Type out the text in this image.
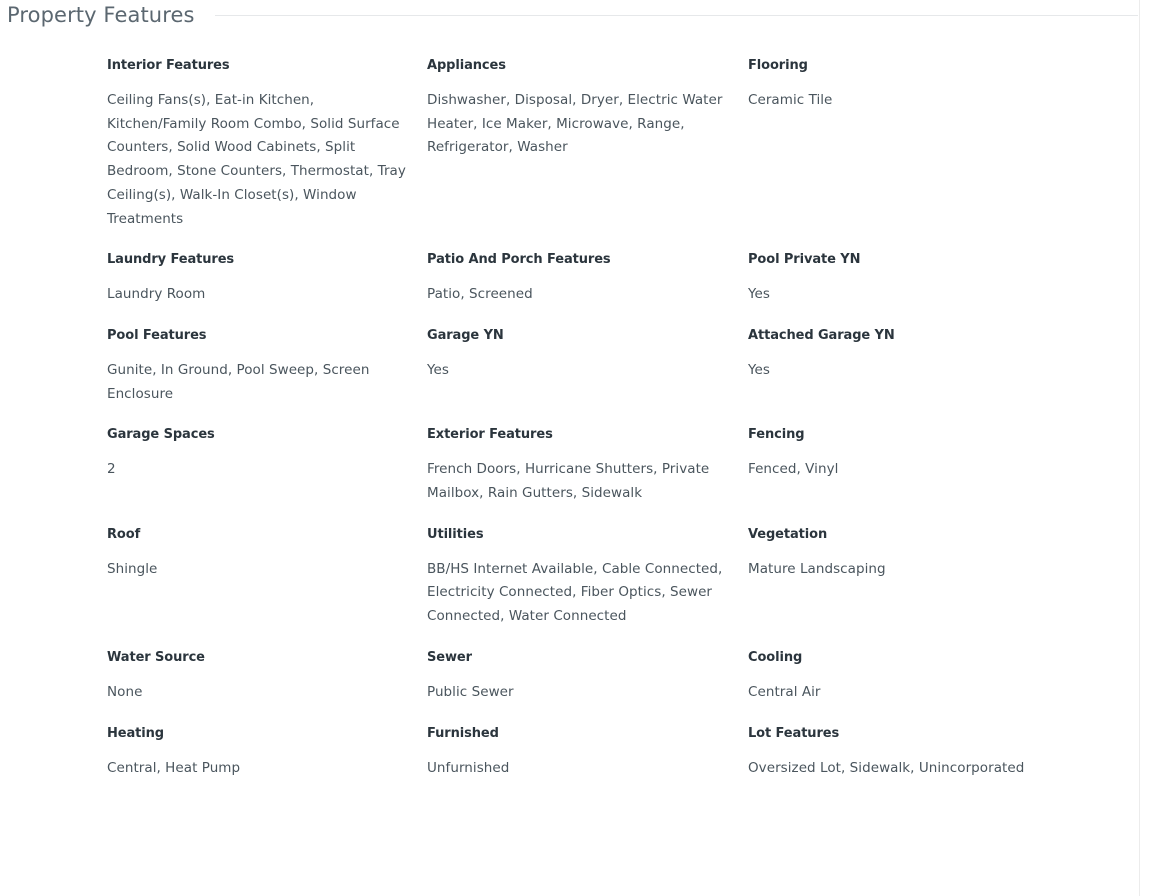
Property Features
Interior Features

Ceiling Fans(s), Eat-in Kitchen, Kitchen/Family Room Combo, Solid Surface Counters, Solid Wood Cabinets, Split Bedroom, Stone Counters, Thermostat, Tray Ceiling(s), Walk-In Closet(s), Window Treatments

Appliances

Dishwasher, Disposal, Dryer, Electric Water Heater, Ice Maker, Microwave, Range, Refrigerator, Washer

Flooring

Ceramic Tile

Laundry Features

Laundry Room

Patio And Porch Features

Patio, Screened

Pool Private YN

Yes

Pool Features

Gunite, In Ground, Pool Sweep, Screen Enclosure

Garage YN

Yes

Attached Garage YN

Yes

Garage Spaces

2

Exterior Features

French Doors, Hurricane Shutters, Private Mailbox, Rain Gutters, Sidewalk

Fencing

Fenced, Vinyl

Roof

Shingle

Utilities

BB/HS Internet Available, Cable Connected, Electricity Connected, Fiber Optics, Sewer Connected, Water Connected

Vegetation

Mature Landscaping

Water Source

None

Sewer

Public Sewer

Cooling

Central Air

Heating

Central, Heat Pump

Furnished

Unfurnished

Lot Features

Oversized Lot, Sidewalk, Unincorporated
